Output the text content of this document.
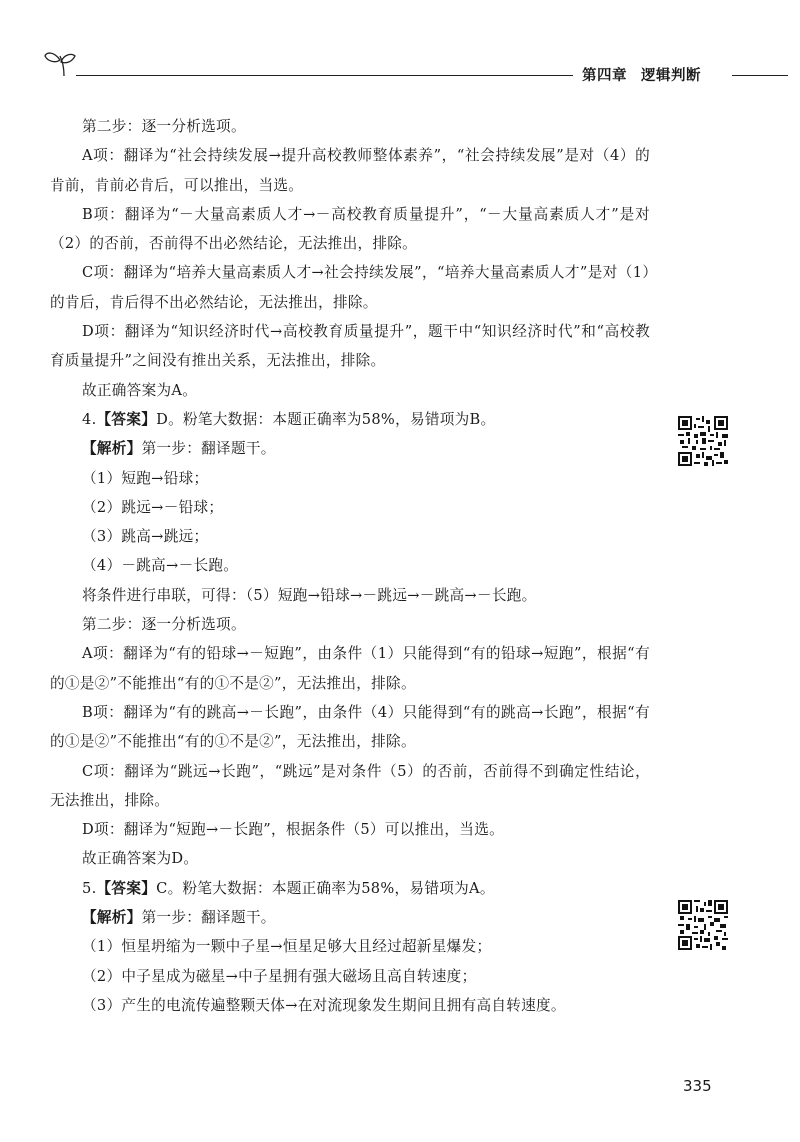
第四章 逻辑判断

第二步：逐一分析选项。

A项：翻译为“社会持续发展→提升高校教师整体素养”，“社会持续发展”是对（4）的肯前，肯前必肯后，可以推出，当选。

B项：翻译为“－大量高素质人才→－高校教育质量提升”，“－大量高素质人才”是对（2）的否前，否前得不出必然结论，无法推出，排除。

C项：翻译为“培养大量高素质人才→社会持续发展”，“培养大量高素质人才”是对（1）的肯后，肯后得不出必然结论，无法推出，排除。

D项：翻译为“知识经济时代→高校教育质量提升”，题干中“知识经济时代”和“高校教育质量提升”之间没有推出关系，无法推出，排除。

故正确答案为A。

4.【答案】D。粉笔大数据：本题正确率为58%，易错项为B。

【解析】第一步：翻译题干。

（1）短跑→铅球；

（2）跳远→－铅球；

（3）跳高→跳远；

（4）－跳高→－长跑。

将条件进行串联，可得：（5）短跑→铅球→－跳远→－跳高→－长跑。

第二步：逐一分析选项。

A项：翻译为“有的铅球→－短跑”，由条件（1）只能得到“有的铅球→短跑”，根据“有的①是②”不能推出“有的①不是②”，无法推出，排除。

B项：翻译为“有的跳高→－长跑”，由条件（4）只能得到“有的跳高→长跑”，根据“有的①是②”不能推出“有的①不是②”，无法推出，排除。

C项：翻译为“跳远→长跑”，“跳远”是对条件（5）的否前，否前得不到确定性结论，无法推出，排除。

D项：翻译为“短跑→－长跑”，根据条件（5）可以推出，当选。

故正确答案为D。

5.【答案】C。粉笔大数据：本题正确率为58%，易错项为A。

【解析】第一步：翻译题干。

（1）恒星坍缩为一颗中子星→恒星足够大且经过超新星爆发；

（2）中子星成为磁星→中子星拥有强大磁场且高自转速度；

（3）产生的电流传遍整颗天体→在对流现象发生期间且拥有高自转速度。

335
